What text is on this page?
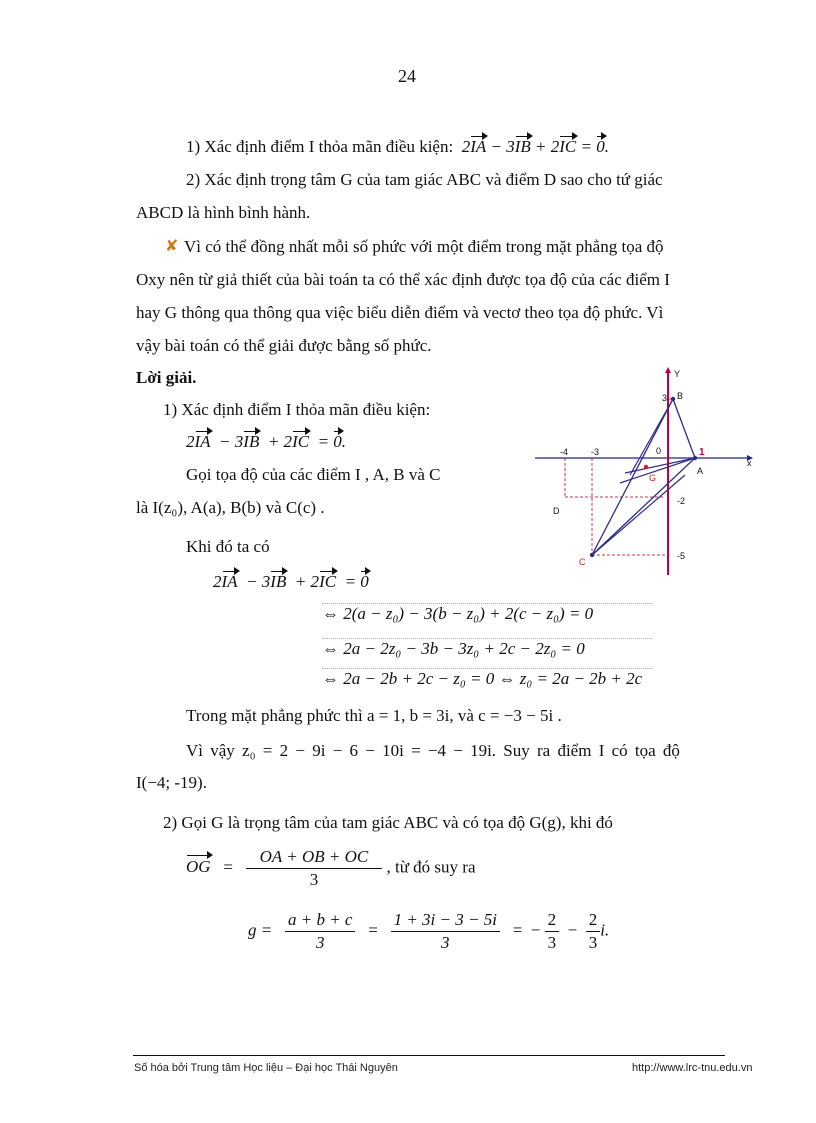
24
1) Xác định điểm I thỏa mãn điều kiện:  2IA − 3IB + 2IC = 0.
2) Xác định trọng tâm G của tam giác ABC và điểm D sao cho tứ giác
ABCD là hình bình hành.
✘ Vì có thể đồng nhất mỗi số phức với một điểm trong mặt phẳng tọa độ
Oxy nên từ giả thiết của bài toán ta có thể xác định được tọa độ của các điểm I
hay G thông qua thông qua việc biểu diễn điểm và vectơ theo tọa độ phức. Vì
vậy bài toán có thể giải được bằng số phức.
Lời giải.
1) Xác định điểm I thỏa mãn điều kiện:
2IA  − 3IB  + 2IC  = 0.
Gọi tọa độ của các điểm I , A, B và C
là I(z₀), A(a), B(b) và C(c) .
Khi đó ta có
2IA  − 3IB  + 2IC  = 0
⇔ 2(a − z₀) − 3(b − z₀) + 2(c − z₀) = 0
⇔ 2a − 2z₀ − 3b − 3z₀ + 2c − 2z₀ = 0
⇔ 2a − 2b + 2c − z₀ = 0 ⇔ z₀ = 2a − 2b + 2c
Trong mặt phẳng phức thì a = 1, b = 3i, và c = −3 − 5i .
Vì vậy z₀ = 2 − 9i − 6 − 10i = −4 − 19i. Suy ra điểm I có tọa độ
I(−4; -19).
2) Gọi G là trọng tâm của tam giác ABC và có tọa độ G(g), khi đó
OG   = $\frac{OA + OB + OC}{3}$ , từ đó suy ra
$g = \frac{a + b + c}{3} = \frac{1 + 3i - 3 - 5i}{3}$ =  − $\frac{2}{3} - \frac{2}{3} i$.
Y
x
0
B
A
G
C
D
-4	-3	1
3
-2
-5
Số hóa bởi Trung tâm Học liệu – Đại học Thái Nguyên	http://www.lrc-tnu.edu.vn
